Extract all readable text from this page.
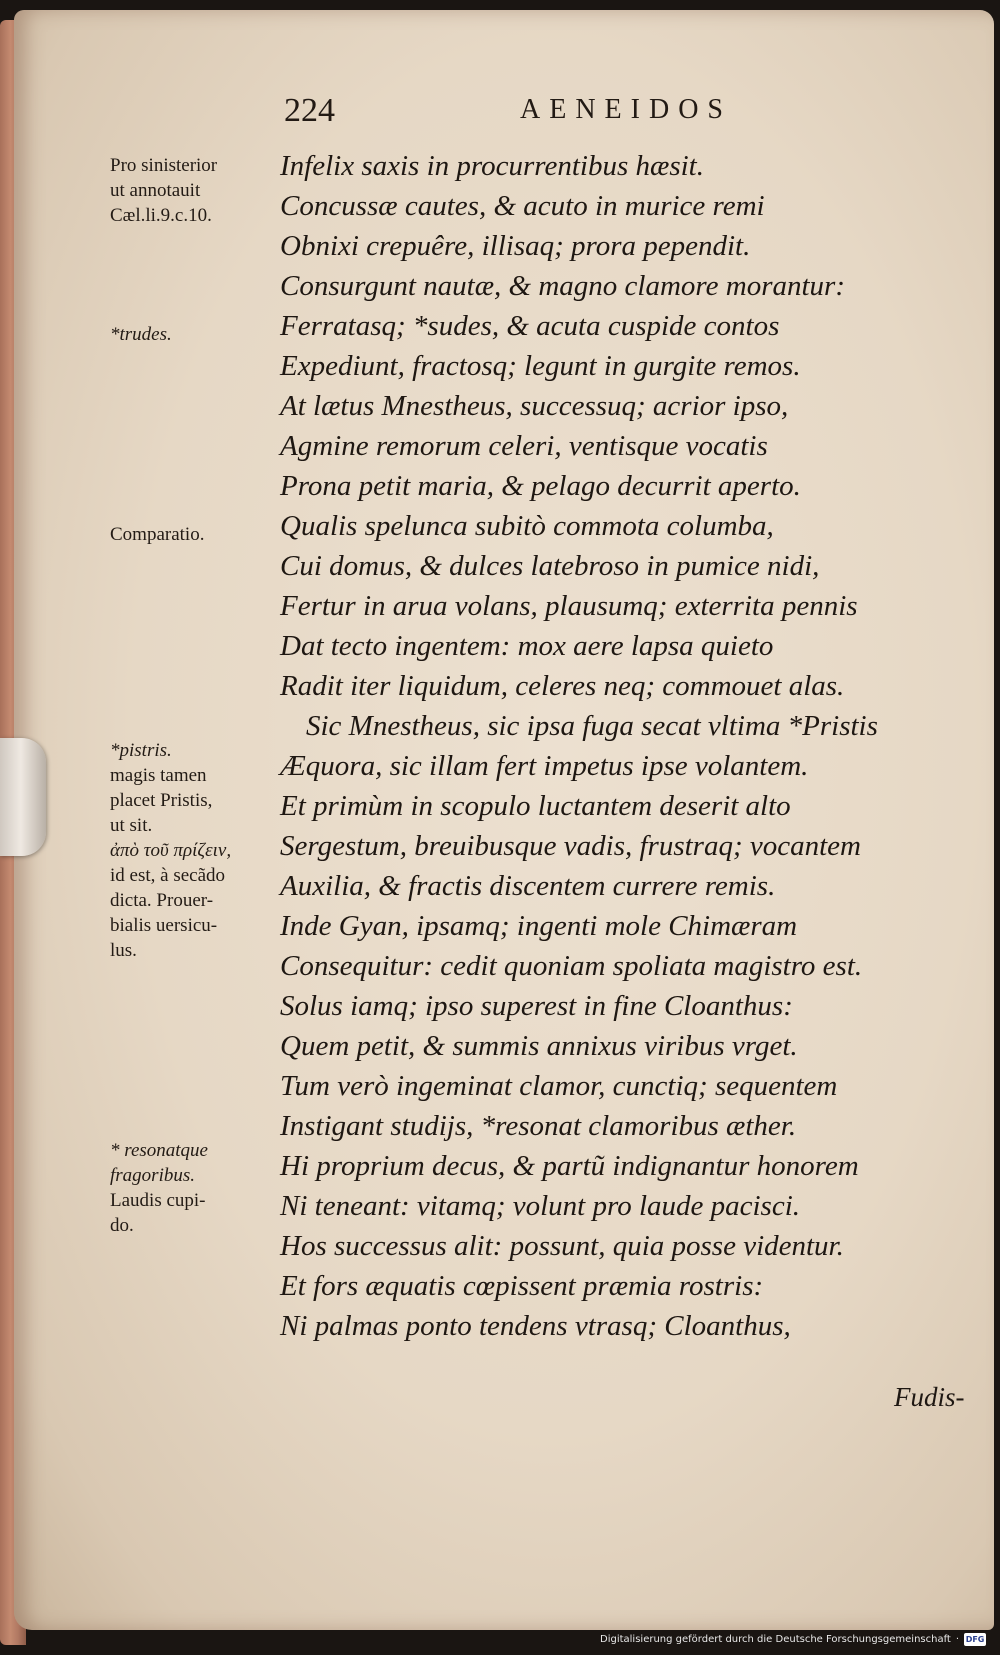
224	AENEIDOS
Infelix saxis in procurrentibus hæsit.
Concussæ cautes, & acuto in murice remi
Obnixi crepuêre, illisaq; prora pependit.
Consurgunt nautæ, & magno clamore morantur:
Ferratasq; *sudes, & acuta cuspide contos
Expediunt, fractosq; legunt in gurgite remos.
At lætus Mnestheus, successuq; acrior ipso,
Agmine remorum celeri, ventisque vocatis
Prona petit maria, & pelago decurrit aperto.
Qualis spelunca subitò commota columba,
Cui domus, & dulces latebroso in pumice nidi,
Fertur in arua volans, plausumq; exterrita pennis
Dat tecto ingentem: mox aere lapsa quieto
Radit iter liquidum, celeres neq; commouet alas.
Sic Mnestheus, sic ipsa fuga secat vltima *Pristis
Æquora, sic illam fert impetus ipse volantem.
Et primùm in scopulo luctantem deserit alto
Sergestum, breuibusque vadis, frustraq; vocantem
Auxilia, & fractis discentem currere remis.
Inde Gyan, ipsamq; ingenti mole Chimæram
Consequitur: cedit quoniam spoliata magistro est.
Solus iamq; ipso superest in fine Cloanthus:
Quem petit, & summis annixus viribus vrget.
Tum verò ingeminat clamor, cunctiq; sequentem
Instigant studijs, *resonat clamoribus æther.
Hi proprium decus, & partũ indignantur honorem
Ni teneant: vitamq; volunt pro laude pacisci.
Hos successus alit: possunt, quia posse videntur.
Et fors æquatis cœpissent præmia rostris:
Ni palmas ponto tendens vtrasq; Cloanthus,
Fudis-
Pro sinisterior
ut annotauit
Cæl.li.9.c.10.
*trudes.
Comparatio.
*pistris.
magis tamen
placet Pristis,
ut sit.
ἀπὸ τοῦ πρίζειν,
id est, à secãdo
dicta. Prouer-
bialis uersicu-
lus.
* resonatque
fragoribus.
Laudis cupi-
do.
Digitalisierung gefördert durch die Deutsche Forschungsgemeinschaft · DFG
